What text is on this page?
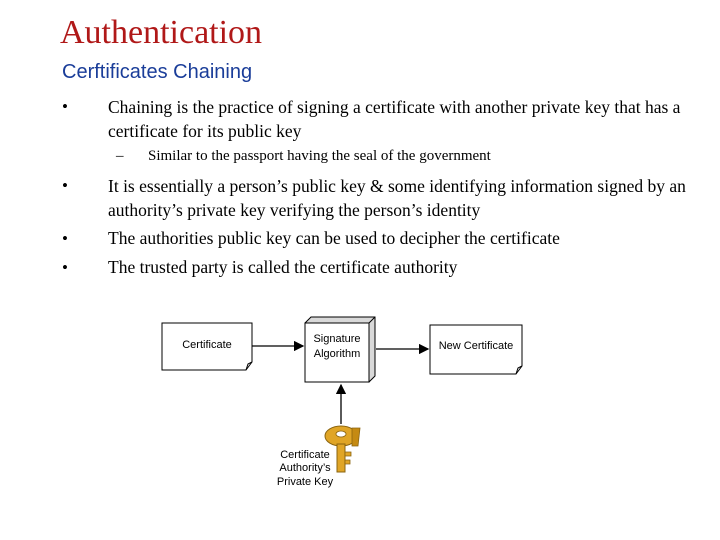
Authentication
Cerftificates Chaining
• Chaining is the practice of signing a certificate with another private key that has a certificate for its public key
– Similar to the passport having the seal of the government
• It is essentially a person’s public key & some identifying information signed by an authority’s private key verifying the person’s identity
• The authorities public key can be used to decipher the certificate
• The trusted party is called the certificate authority
Certificate	Signature
Algorithm
New Certificate
Certificate
Authority’s
Private Key
